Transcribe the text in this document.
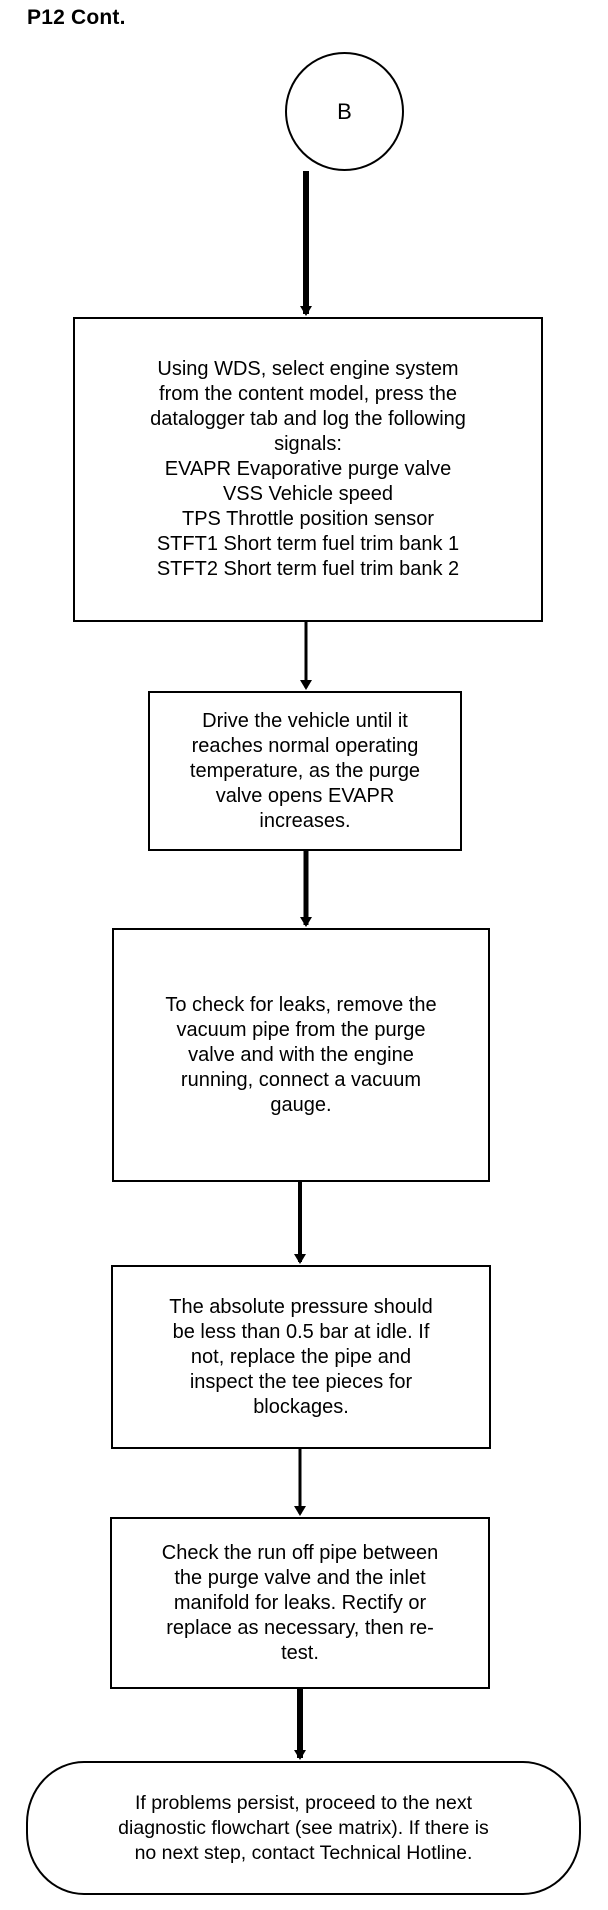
P12 Cont.
B
Using WDS, select engine system
from the content model, press the
datalogger tab and log the following
signals:
EVAPR Evaporative purge valve
VSS Vehicle speed
TPS Throttle position sensor
STFT1 Short term fuel trim bank 1
STFT2 Short term fuel trim bank 2
Drive the vehicle until it
reaches normal operating
temperature, as the purge
valve opens EVAPR
increases.
To check for leaks, remove the
vacuum pipe from the purge
valve and with the engine
running, connect a vacuum
gauge.
The absolute pressure should
be less than 0.5 bar at idle. If
not, replace the pipe and
inspect the tee pieces for
blockages.
Check the run off pipe between
the purge valve and the inlet
manifold for leaks. Rectify or
replace as necessary, then re-
test.
If problems persist, proceed to the next
diagnostic flowchart (see matrix). If there is
no next step, contact Technical Hotline.
